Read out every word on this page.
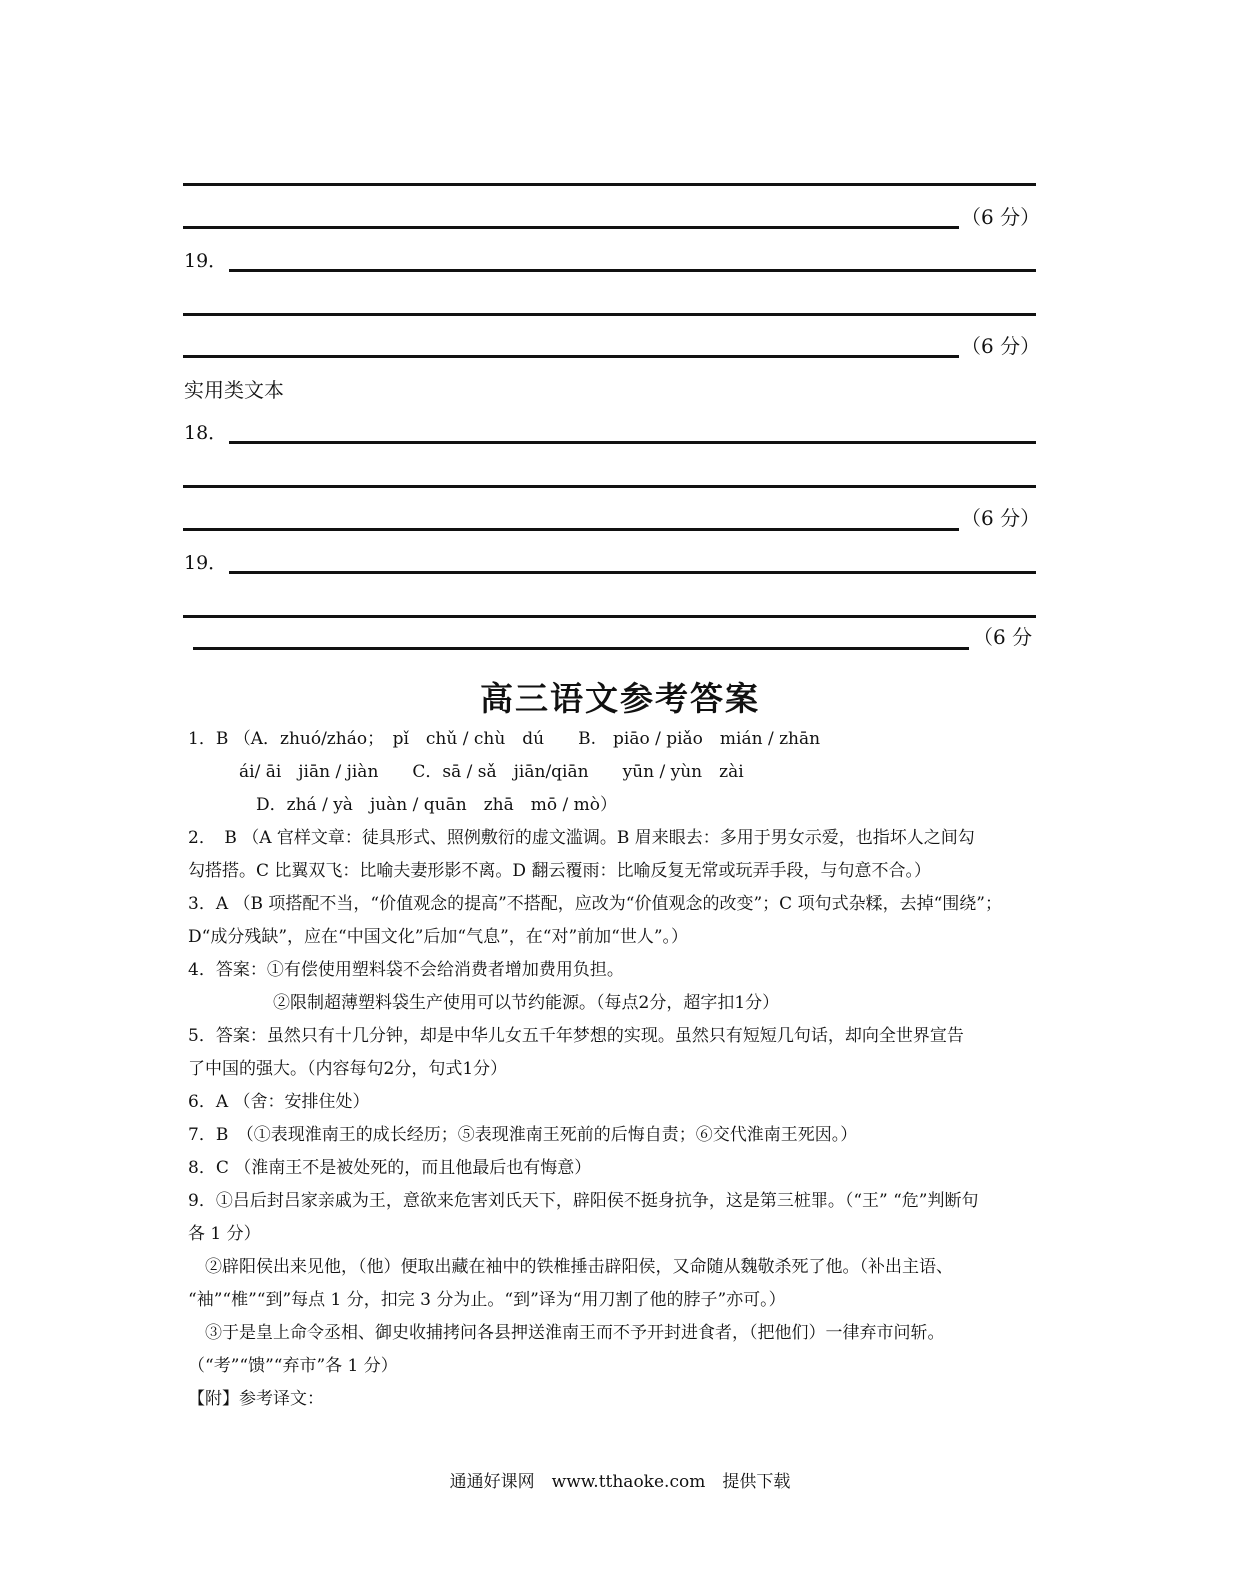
（6 分）
19．
（6 分）
实用类文本
18．
（6 分）
19．
（6 分
高三语文参考答案
1．B （A．zhuó/zháo；　pǐ　chǔ / chù　dú　　B.　piāo / piǎo　mián / zhān
　　　ái/ āi　jiān / jiàn　　C．sā / sǎ　jiān/qiān　　yūn / yùn　zài
　　　　D．zhá / yà　juàn / quān　zhā　mō / mò）
2．　B （A 官样文章：徒具形式、照例敷衍的虚文滥调。B 眉来眼去：多用于男女示爱，也指坏人之间勾
勾搭搭。C 比翼双飞：比喻夫妻形影不离。D 翻云覆雨：比喻反复无常或玩弄手段，与句意不合。）
3．A （B 项搭配不当，“价值观念的提高”不搭配，应改为“价值观念的改变”；C 项句式杂糅，去掉“围绕”；
D“成分残缺”，应在“中国文化”后加“气息”，在“对”前加“世人”。）
4．答案：①有偿使用塑料袋不会给消费者增加费用负担。
　　　　　②限制超薄塑料袋生产使用可以节约能源。（每点2分，超字扣1分）
5．答案：虽然只有十几分钟，却是中华儿女五千年梦想的实现。虽然只有短短几句话，却向全世界宣告
了中国的强大。（内容每句2分，句式1分）
6．A （舍：安排住处）
7．B　（①表现淮南王的成长经历；⑤表现淮南王死前的后悔自责；⑥交代淮南王死因。）
8．C （淮南王不是被处死的，而且他最后也有悔意）
9．①吕后封吕家亲戚为王，意欲来危害刘氏天下，辟阳侯不挺身抗争，这是第三桩罪。（“王” “危”判断句
各 1 分）
　②辟阳侯出来见他，（他）便取出藏在袖中的铁椎捶击辟阳侯，又命随从魏敬杀死了他。（补出主语、
“袖”“椎”“到”每点 1 分，扣完 3 分为止。“到”译为“用刀割了他的脖子”亦可。）
　③于是皇上命令丞相、御史收捕拷问各县押送淮南王而不予开封进食者，（把他们）一律弃市问斩。
（“考”“馈”“弃市”各 1 分）
【附】参考译文：
通通好课网　www.tthaoke.com　提供下载
